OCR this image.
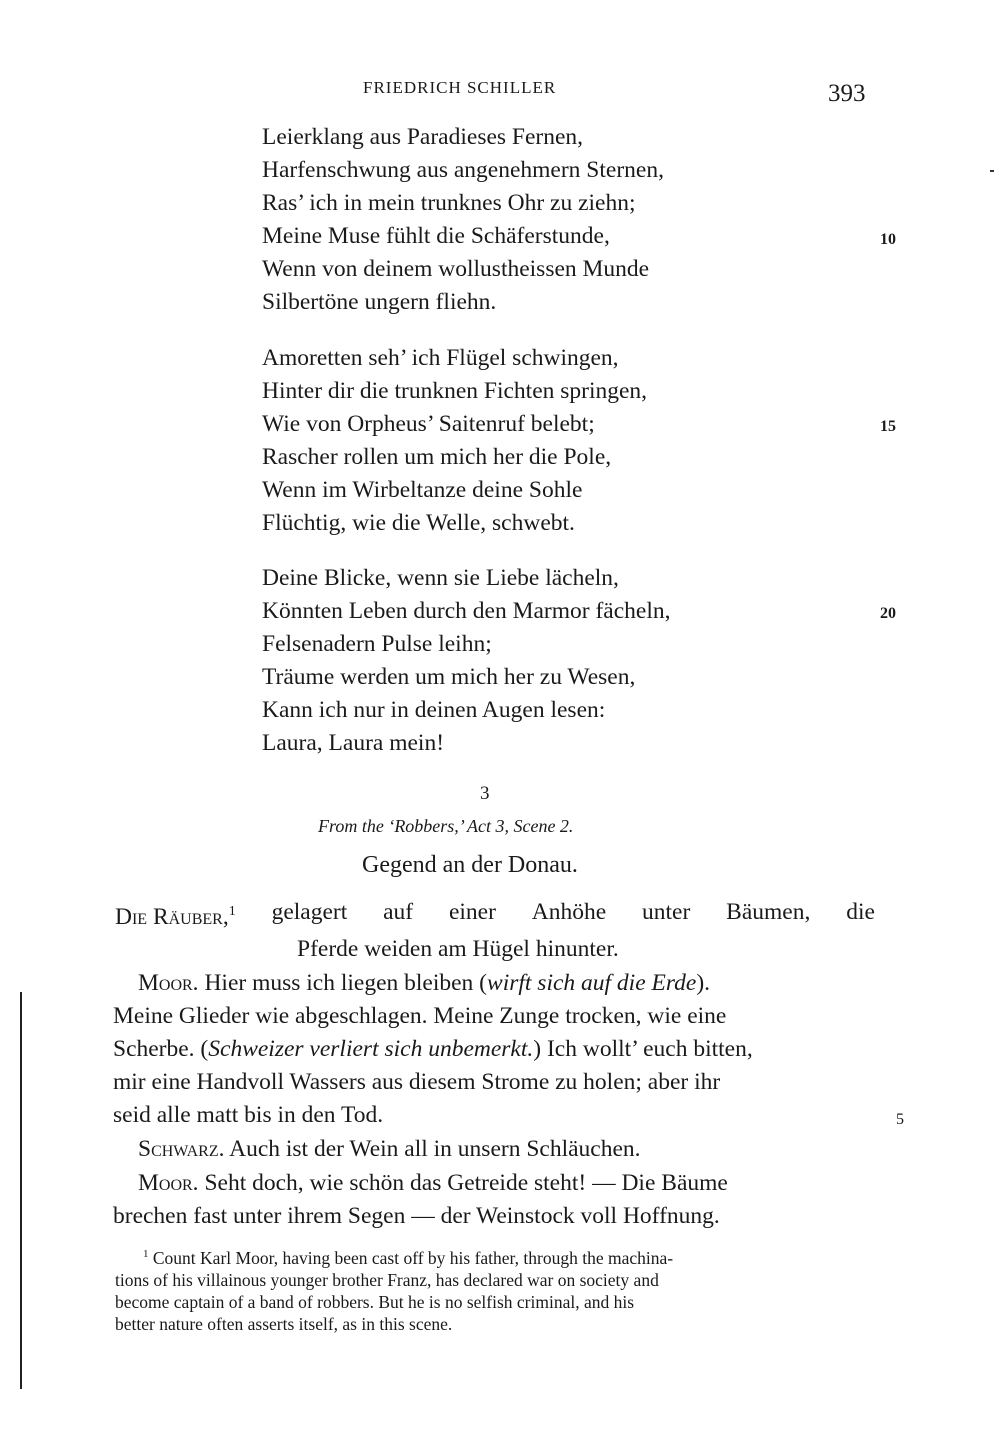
FRIEDRICH SCHILLER	393
Leierklang aus Paradieses Fernen,
Harfenschwung aus angenehmern Sternen,
Ras’ ich in mein trunknes Ohr zu ziehn;
Meine Muse fühlt die Schäferstunde,
Wenn von deinem wollustheissen Munde
Silbertöne ungern fliehn.
10
Amoretten seh’ ich Flügel schwingen,
Hinter dir die trunknen Fichten springen,
Wie von Orpheus’ Saitenruf belebt;
Rascher rollen um mich her die Pole,
Wenn im Wirbeltanze deine Sohle
Flüchtig, wie die Welle, schwebt.
15
Deine Blicke, wenn sie Liebe lächeln,
Könnten Leben durch den Marmor fächeln,
Felsenadern Pulse leihn;
Träume werden um mich her zu Wesen,
Kann ich nur in deinen Augen lesen:
Laura, Laura mein!
20
3
From the ‘Robbers,’ Act 3, Scene 2.
Gegend an der Donau.
Die Räuber,$^1$ gelagert auf einer Anhöhe unter Bäumen, die
Pferde weiden am Hügel hinunter.
Moor. Hier muss ich liegen bleiben (wirft sich auf die Erde).
Meine Glieder wie abgeschlagen. Meine Zunge trocken, wie eine
Scherbe. (Schweizer verliert sich unbemerkt.) Ich wollt’ euch bitten,
mir eine Handvoll Wassers aus diesem Strome zu holen; aber ihr
seid alle matt bis in den Tod.	5
Schwarz. Auch ist der Wein all in unsern Schläuchen.
Moor. Seht doch, wie schön das Getreide steht! — Die Bäume
brechen fast unter ihrem Segen — der Weinstock voll Hoffnung.
$^1$ Count Karl Moor, having been cast off by his father, through the machina-
tions of his villainous younger brother Franz, has declared war on society and
become captain of a band of robbers. But he is no selfish criminal, and his
better nature often asserts itself, as in this scene.
